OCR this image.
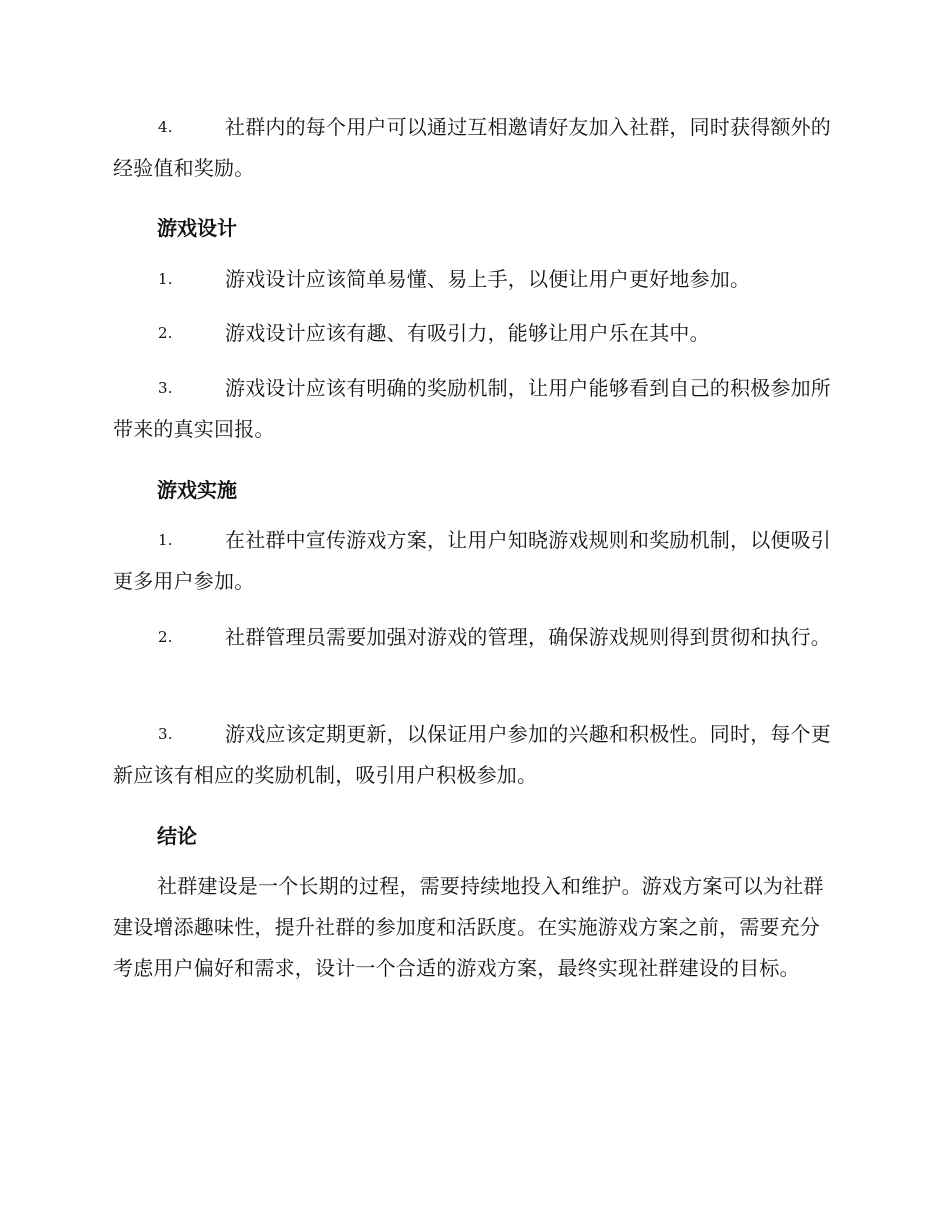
4.	社群内的每个用户可以通过互相邀请好友加入社群，同时获得额外的经验值和奖励。
游戏设计
1.	游戏设计应该简单易懂、易上手，以便让用户更好地参加。
2.	游戏设计应该有趣、有吸引力，能够让用户乐在其中。
3.	游戏设计应该有明确的奖励机制，让用户能够看到自己的积极参加所带来的真实回报。
游戏实施
1.	在社群中宣传游戏方案，让用户知晓游戏规则和奖励机制，以便吸引更多用户参加。
2.	社群管理员需要加强对游戏的管理，确保游戏规则得到贯彻和执行。
3.	游戏应该定期更新，以保证用户参加的兴趣和积极性。同时，每个更新应该有相应的奖励机制，吸引用户积极参加。
结论
社群建设是一个长期的过程，需要持续地投入和维护。游戏方案可以为社群建设增添趣味性，提升社群的参加度和活跃度。在实施游戏方案之前，需要充分考虑用户偏好和需求，设计一个合适的游戏方案，最终实现社群建设的目标。
